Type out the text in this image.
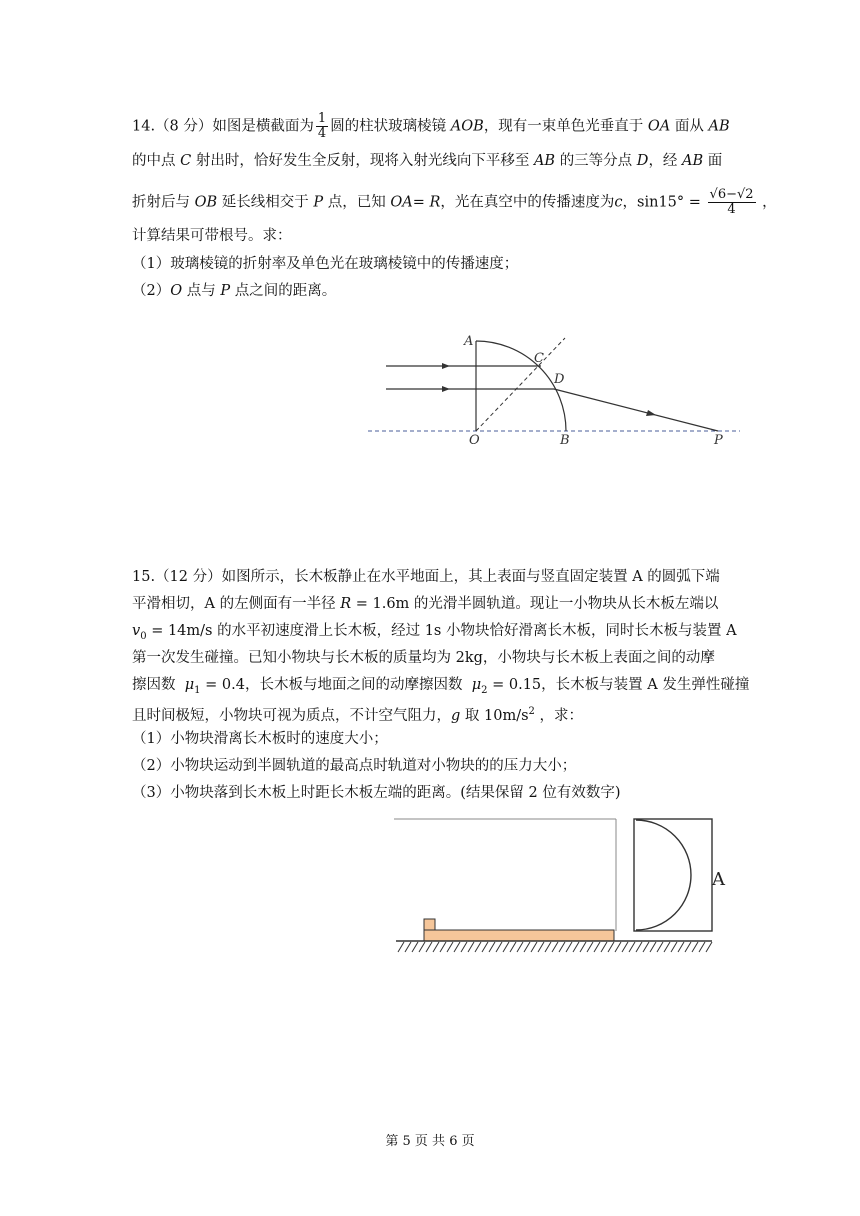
14.（8 分）如图是横截面为 $\frac{1}{4}$ 圆的柱状玻璃棱镜 AOB，现有一束单色光垂直于 OA 面从 AB
的中点 C 射出时，恰好发生全反射，现将入射光线向下平移至 AB 的三等分点 D，经 AB 面
折射后与 OB 延长线相交于 P 点，已知 OA= R，光在真空中的传播速度为c，$\sin 15^\circ = \frac{√6-√2}{4}$ ，
计算结果可带根号。求：
（1）玻璃棱镜的折射率及单色光在玻璃棱镜中的传播速度；
（2）O 点与 P 点之间的距离。
A
C
D
O	B	P
15.（12 分）如图所示，长木板静止在水平地面上，其上表面与竖直固定装置 A 的圆弧下端
平滑相切，A 的左侧面有一半径 R = 1.6m 的光滑半圆轨道。现让一小物块从长木板左端以
$v_0 = 14m/s$ 的水平初速度滑上长木板，经过 1s 小物块恰好滑离长木板，同时长木板与装置 A
第一次发生碰撞。已知小物块与长木板的质量均为 2kg，小物块与长木板上表面之间的动摩
擦因数 $\mu_1 = 0.4$，长木板与地面之间的动摩擦因数 $\mu_2 = 0.15$，长木板与装置 A 发生弹性碰撞
且时间极短，小物块可视为质点，不计空气阻力，g 取 $10m/s^2$ ，求：
（1）小物块滑离长木板时的速度大小；
（2）小物块运动到半圆轨道的最高点时轨道对小物块的的压力大小；
（3）小物块落到长木板上时距长木板左端的距离。(结果保留 2 位有效数字)
A
第 5 页 共 6 页
